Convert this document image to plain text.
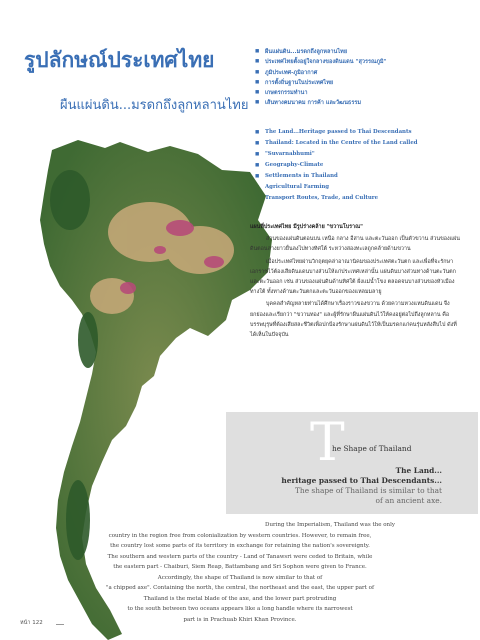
รูปลักษณ์ประเทศไทย
ผืนแผ่นดิน...มรดกถึงลูกหลานไทย
■ ผืนแผ่นดิน...มรดกถึงลูกหลานไทย
■ ประเทศไทยตั้งอยู่ใจกลางของดินแดน "สุวรรณภูมิ"
■ ภูมิประเทศ-ภูมิอากาศ
■ การตั้งถิ่นฐานในประเทศไทย
■ เกษตรกรรมทำนา
■ เส้นทางคมนาคม การค้า และวัฒนธรรม
■ The Land...Heritage passed to Thai Descendants
■ Thailand: Located in the Centre of the Land called
■ "Suvarnabhumi"
■ Geography-Climate
■ Settlements in Thailand
■ Agricultural Farming
■ Transport Routes, Trade, and Culture
แผนที่ประเทศไทย มีรูปร่างคล้าย "ขวานโบราณ"

ส่วนของแผ่นดินตอนบน เหนือ กลาง อีสาน และตะวันออก เป็นตัวขวาน ส่วนของแผ่นดินตอนล่างยาวยื่นลงไปทางทิศใต้ ระหว่างสองทะเลถูกคล้ายด้ามขวาน

เมื่อประเทศไทยผ่านวิกฤตยุคล่าอาณานิคมของประเทศตะวันตก และเพื่อที่จะรักษาเอกราชไว้ต้องเสียดินแดนบางส่วนให้แก่ประเทศเหล่านั้น แผ่นดินบางส่วนทางด้านตะวันตกและตะวันออก เช่น ส่วนของแผ่นดินด้านทิศใต้ ฝั่งแม่น้ำโขง ตลอดจนบางส่วนของหัวเมืองทางใต้ ทั้งทางด้านตะวันตกและตะวันออกของแหลมมลายู

บุคคลสำคัญหลายท่านได้ศึกษาเรื่องราวของขวาน ด้วยความหวงแหนดินแดน จึงยกย่องและเรียกว่า "ขวานทอง" และผู้ที่รักษาผืนแผ่นดินไว้ให้คงอยู่ต่อไปถึงลูกหลาน คือบรรพบุรุษที่ต้องเสียสละชีวิตเพื่อปกป้องรักษาแผ่นดินไว้ให้เป็นมรดกแก่คนรุ่นหลังสืบไป ดังที่ได้เห็นในปัจจุบัน

T
he Shape of Thailand
The Land...
heritage passed to Thai Descendants...
The shape of Thailand is similar to that
of an ancient axe.
During the Imperialism, Thailand was the only
country in the region free from colonialization by western countries. However, to remain free,
the country lost some parts of its territory in exchange for retaining the nation's sovereignty.
The southern and western parts of the country - Land of Tanawsri were ceded to Britain, while
the eastern part - Chaiburi, Siem Reap, Battambang and Sri Sophon were given to France.
Accordingly, the shape of Thailand is now similar to that of
"a chipped axe". Containing the north, the central, the northeast and the east, the upper part of
Thailand is the metal blade of the axe, and the lower part protruding
to the south between two oceans appears like a long handle where its narrowest
part is in Prachuab Khiri Khan Province.
หน้า 122
